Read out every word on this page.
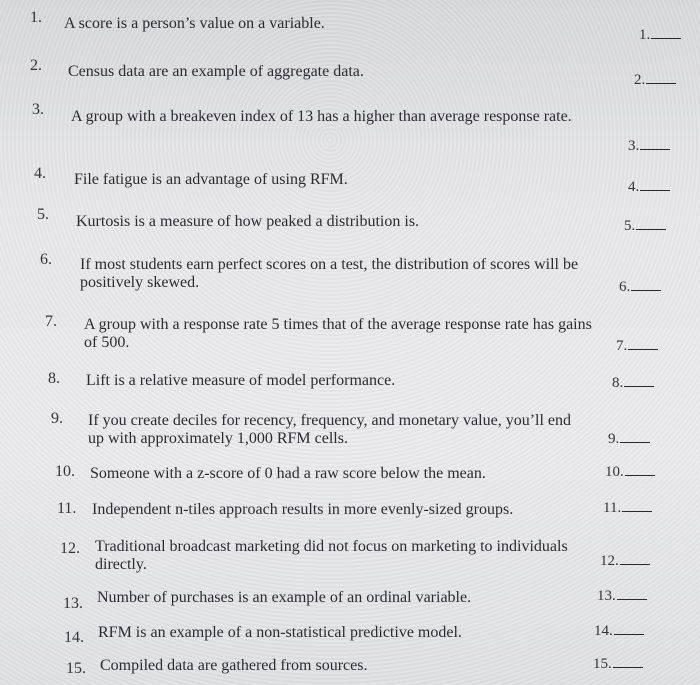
1. A score is a person’s value on a variable.
1.
2. Census data are an example of aggregate data.	2.
3. A group with a breakeven index of 13 has a higher than average response rate.
3.
4. File fatigue is an advantage of using RFM.	4.
5. Kurtosis is a measure of how peaked a distribution is.	5.
6. If most students earn perfect scores on a test, the distribution of scores will be positively skewed.	6.
7. A group with a response rate 5 times that of the average response rate has gains of 500.	7.
8. Lift is a relative measure of model performance.	8.
9. If you create deciles for recency, frequency, and monetary value, you’ll end up with approximately 1,000 RFM cells.	9.
10. Someone with a z-score of 0 had a raw score below the mean.	10.
11. Independent n-tiles approach results in more evenly-sized groups.	11.
12. Traditional broadcast marketing did not focus on marketing to individuals directly.	12.
13. Number of purchases is an example of an ordinal variable.	13.
14. RFM is an example of a non-statistical predictive model.	14.
15. Compiled data are gathered from sources.	15.
